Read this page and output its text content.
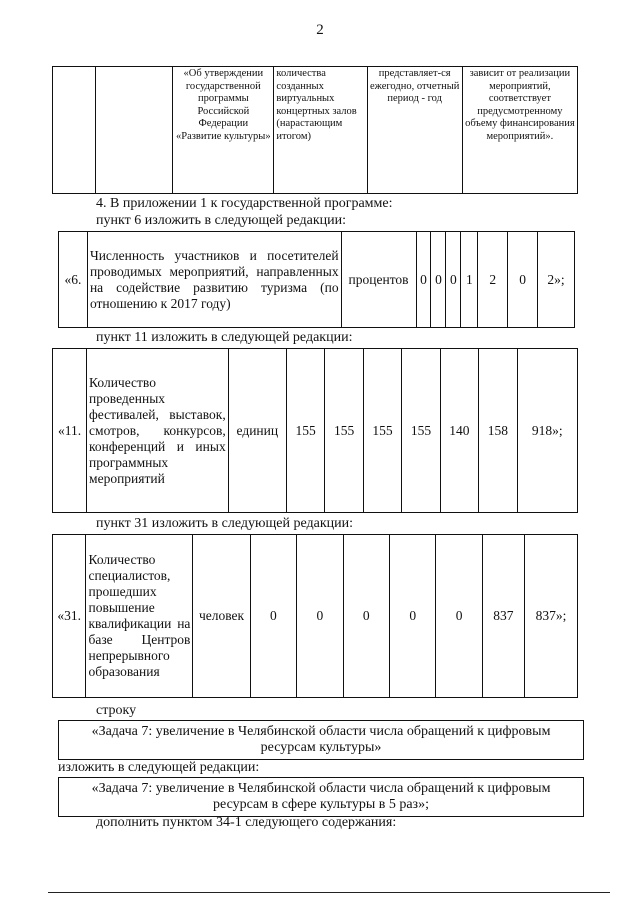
2
		«Об утверждении государственной программы Российской Федерации «Развитие культуры»	количества созданных виртуальных концертных залов (нарастающим итогом)	представляет-ся ежегодно, отчетный период - год	зависит от реализации мероприятий, соответствует предусмотренному объему финансирования мероприятий».
4. В приложении 1 к государственной программе:
пункт 6 изложить в следующей редакции:
«6.	Численность участников и посетителей проводимых мероприятий, направленных на содействие развитию туризма (по отношению к 2017 году)	процентов	0	0	0	1	2	0	2»;
пункт 11 изложить в следующей редакции:
«11.	Количество проведенных фестивалей, выставок, смотров, конкурсов, конференций и иных программных мероприятий	единиц	155	155	155	155	140	158	918»;
пункт 31 изложить в следующей редакции:
«31.	Количество специалистов, прошедших повышение квалификации на базе Центров непрерывного образования	человек	0	0	0	0	0	837	837»;
строку
«Задача 7: увеличение в Челябинской области числа обращений к цифровым ресурсам культуры»
изложить в следующей редакции:
«Задача 7: увеличение в Челябинской области числа обращений к цифровым ресурсам в сфере культуры в 5 раз»;
дополнить пунктом 34-1 следующего содержания:
